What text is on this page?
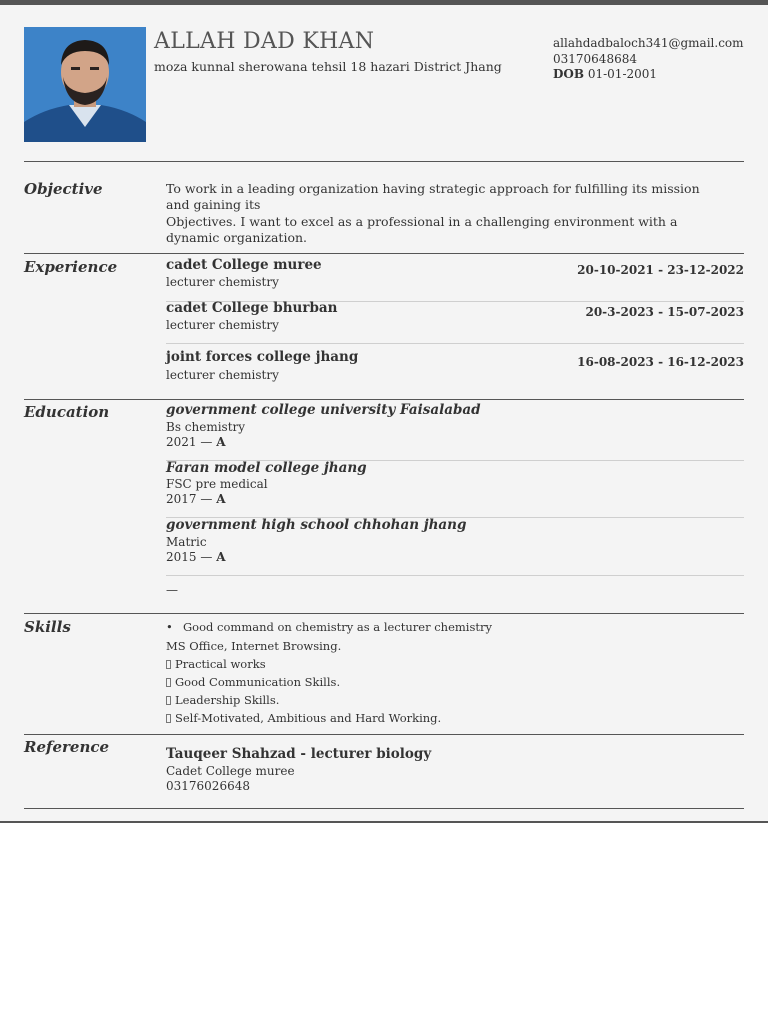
ALLAH DAD KHAN
moza kunnal sherowana tehsil 18 hazari District Jhang
allahdadbaloch341@gmail.com
03170648684
DOB 01-01-2001
Objective	To work in a leading organization having strategic approach for fulfilling its mission
and gaining its
Objectives. I want to excel as a professional in a challenging environment with a
dynamic organization.
Experience	cadet College muree	20-10-2021 - 23-12-2022
lecturer chemistry
cadet College bhurban	20-3-2023 - 15-07-2023
lecturer chemistry
joint forces college jhang	16-08-2023 - 16-12-2023
lecturer chemistry
Education	government college university Faisalabad
Bs chemistry
2021 — A
Faran model college jhang
FSC pre medical
2017 — A
government high school chhohan jhang
Matric
2015 — A
—
Skills	• Good command on chemistry as a lecturer chemistry
MS Office, Internet Browsing.
Practical works
Good Communication Skills.
Leadership Skills.
Self-Motivated, Ambitious and Hard Working.
Reference	Tauqeer Shahzad - lecturer biology
Cadet College muree
03176026648
